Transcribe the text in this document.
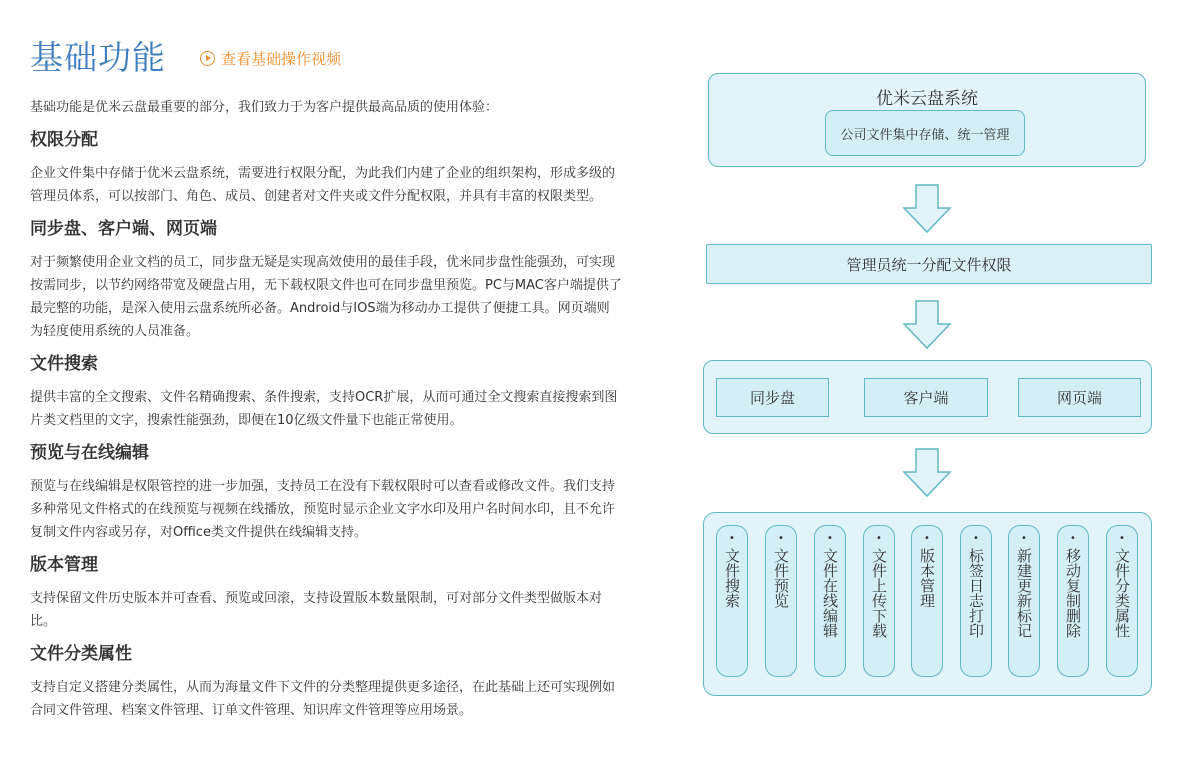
基础功能	查看基础操作视频

基础功能是优米云盘最重要的部分，我们致力于为客户提供最高品质的使用体验：

权限分配

企业文件集中存储于优米云盘系统，需要进行权限分配，为此我们内建了企业的组织架构，形成多级的管理员体系，可以按部门、角色、成员、创建者对文件夹或文件分配权限，并具有丰富的权限类型。

同步盘、客户端、网页端

对于频繁使用企业文档的员工，同步盘无疑是实现高效使用的最佳手段，优米同步盘性能强劲，可实现按需同步，以节约网络带宽及硬盘占用，无下载权限文件也可在同步盘里预览。PC与MAC客户端提供了最完整的功能，是深入使用云盘系统所必备。Android与IOS端为移动办工提供了便捷工具。网页端则为轻度使用系统的人员准备。

文件搜索

提供丰富的全文搜索、文件名精确搜索、条件搜索，支持OCR扩展，从而可通过全文搜索直接搜索到图片类文档里的文字，搜索性能强劲，即便在10亿级文件量下也能正常使用。

预览与在线编辑

预览与在线编辑是权限管控的进一步加强，支持员工在没有下载权限时可以查看或修改文件。我们支持多种常见文件格式的在线预览与视频在线播放，预览时显示企业文字水印及用户名时间水印，且不允许复制文件内容或另存，对Office类文件提供在线编辑支持。

版本管理

支持保留文件历史版本并可查看、预览或回滚，支持设置版本数量限制，可对部分文件类型做版本对比。

文件分类属性

支持自定义搭建分类属性，从而为海量文件下文件的分类整理提供更多途径，在此基础上还可实现例如合同文件管理、档案文件管理、订单文件管理、知识库文件管理等应用场景。

优米云盘系统
公司文件集中存储、统一管理
管理员统一分配文件权限
同步盘	客户端	网页端
•
文件搜索
•
文件预览
•
文件在线编辑
•
文件上传下载
•
版本管理
•
标签日志打印
•
新建更新标记
•
移动复制删除
•
文件分类属性
